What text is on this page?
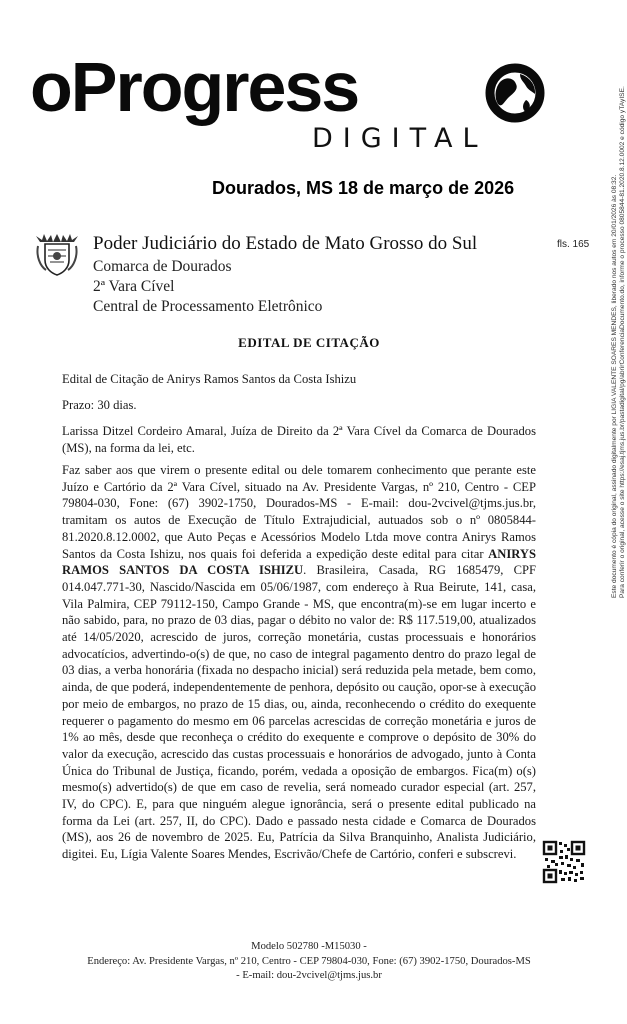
oProgress
DIGITAL
Dourados, MS 18 de março de 2026
Poder Judiciário do Estado de Mato Grosso do Sul	fls. 165
Comarca de Dourados
2ª Vara Cível
Central de Processamento Eletrônico
EDITAL DE CITAÇÃO
Edital de Citação de Anirys Ramos Santos da Costa Ishizu
Prazo: 30 dias.
Larissa Ditzel Cordeiro Amaral, Juíza de Direito da 2ª Vara Cível da Comarca de Dourados (MS), na forma da lei, etc.
Faz saber aos que virem o presente edital ou dele tomarem conhecimento que perante este Juízo e Cartório da 2ª Vara Cível, situado na Av. Presidente Vargas, nº 210, Centro - CEP 79804-030, Fone: (67) 3902-1750, Dourados-MS - E-mail: dou-2vcivel@tjms.jus.br, tramitam os autos de Execução de Título Extrajudicial, autuados sob o nº 0805844-81.2020.8.12.0002, que Auto Peças e Acessórios Modelo Ltda move contra Anirys Ramos Santos da Costa Ishizu, nos quais foi deferida a expedição deste edital para citar ANIRYS RAMOS SANTOS DA COSTA ISHIZU. Brasileira, Casada, RG 1685479, CPF 014.047.771-30, Nascido/Nascida em 05/06/1987, com endereço à Rua Beirute, 141, casa, Vila Palmira, CEP 79112-150, Campo Grande - MS, que encontra(m)-se em lugar incerto e não sabido, para, no prazo de 03 dias, pagar o débito no valor de: R$ 117.519,00, atualizados até 14/05/2020, acrescido de juros, correção monetária, custas processuais e honorários advocatícios, advertindo-o(s) de que, no caso de integral pagamento dentro do prazo legal de 03 dias, a verba honorária (fixada no despacho inicial) será reduzida pela metade, bem como, ainda, de que poderá, independentemente de penhora, depósito ou caução, opor-se à execução por meio de embargos, no prazo de 15 dias, ou, ainda, reconhecendo o crédito do exequente requerer o pagamento do mesmo em 06 parcelas acrescidas de correção monetária e juros de 1% ao mês, desde que reconheça o crédito do exequente e comprove o depósito de 30% do valor da execução, acrescido das custas processuais e honorários de advogado, junto à Conta Única do Tribunal de Justiça, ficando, porém, vedada a oposição de embargos. Fica(m) o(s) mesmo(s) advertido(s) de que em caso de revelia, será nomeado curador especial (art. 257, IV, do CPC). E, para que ninguém alegue ignorância, será o presente edital publicado na forma da Lei (art. 257, II, do CPC). Dado e passado nesta cidade e Comarca de Dourados (MS), aos 26 de novembro de 2025. Eu, Patrícia da Silva Branquinho, Analista Judiciário, digitei. Eu, Lígia Valente Soares Mendes, Escrivão/Chefe de Cartório, conferi e subscrevi.
Este documento é cópia do original, assinado digitalmente por LIGIA VALENTE SOARES MENDES, liberado nos autos em 20/01/2026 às 08:32. Para conferir o original, acesse o site https://esaj.tjms.jus.br/pastadigital/pg/abrirConferenciaDocumento.do, informe o processo 0805844-81.2020.8.12.0002 e código yTAyISE.
Modelo 502780 -M15030 -
Endereço: Av. Presidente Vargas, nº 210, Centro - CEP 79804-030, Fone: (67) 3902-1750, Dourados-MS
- E-mail: dou-2vcivel@tjms.jus.br
